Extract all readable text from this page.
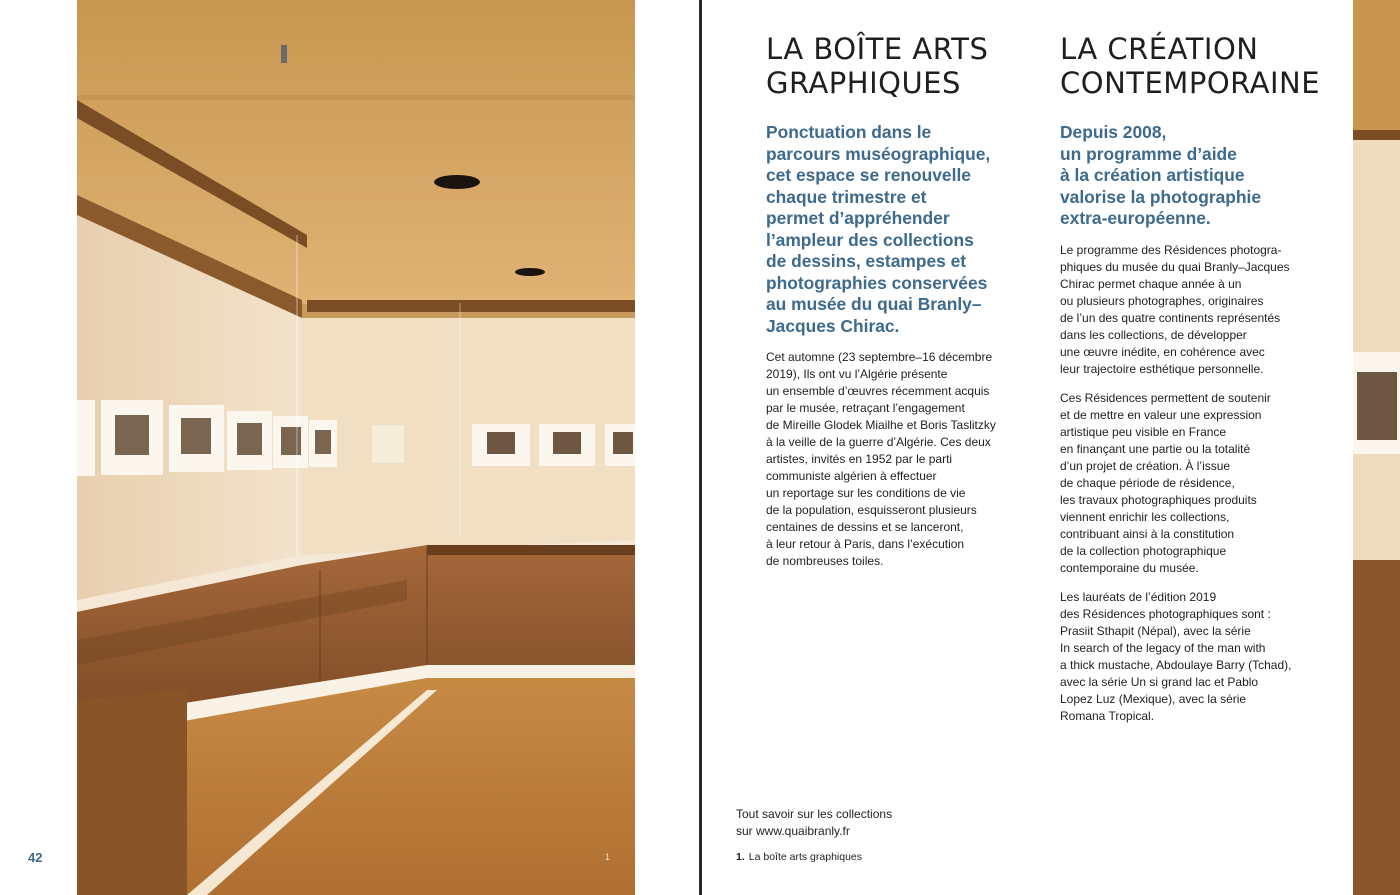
1
42
LA BOÎTE ARTS
GRAPHIQUES
Ponctuation dans le
parcours muséographique,
cet espace se renouvelle
chaque trimestre et
permet d’appréhender
l’ampleur des collections
de dessins, estampes et
photographies conservées
au musée du quai Branly–
Jacques Chirac.
Cet automne (23 septembre–16 décembre
2019), Ils ont vu l’Algérie présente
un ensemble d’œuvres récemment acquis
par le musée, retraçant l’engagement
de Mireille Glodek Miailhe et Boris Taslitzky
à la veille de la guerre d’Algérie. Ces deux
artistes, invités en 1952 par le parti
communiste algérien à effectuer
un reportage sur les conditions de vie
de la population, esquisseront plusieurs
centaines de dessins et se lanceront,
à leur retour à Paris, dans l’exécution
de nombreuses toiles.
LA CRÉATION
CONTEMPORAINE
Depuis 2008,
un programme d’aide
à la création artistique
valorise la photographie
extra-européenne.
Le programme des Résidences photogra-
phiques du musée du quai Branly–Jacques
Chirac permet chaque année à un
ou plusieurs photographes, originaires
de l’un des quatre continents représentés
dans les collections, de développer
une œuvre inédite, en cohérence avec
leur trajectoire esthétique personnelle.
Ces Résidences permettent de soutenir
et de mettre en valeur une expression
artistique peu visible en France
en finançant une partie ou la totalité
d’un projet de création. À l’issue
de chaque période de résidence,
les travaux photographiques produits
viennent enrichir les collections,
contribuant ainsi à la constitution
de la collection photographique
contemporaine du musée.
Les lauréats de l’édition 2019
des Résidences photographiques sont :
Prasiit Sthapit (Népal), avec la série
In search of the legacy of the man with
a thick mustache, Abdoulaye Barry (Tchad),
avec la série Un si grand lac et Pablo
Lopez Luz (Mexique), avec la série
Romana Tropical.
Tout savoir sur les collections
sur www.quaibranly.fr
1. La boîte arts graphiques
